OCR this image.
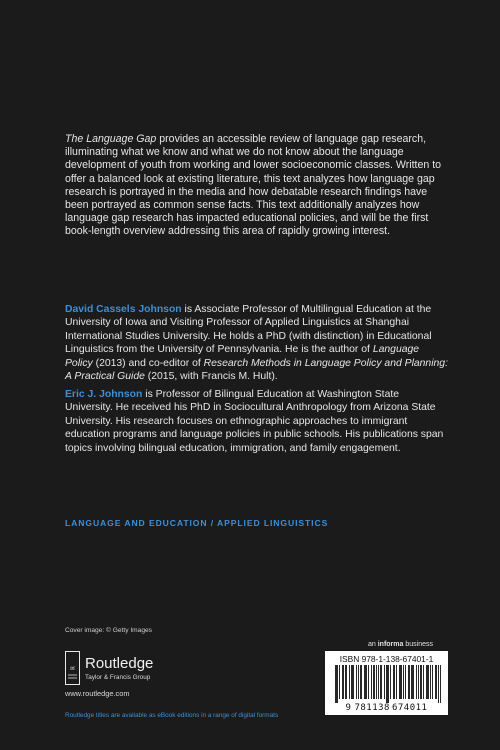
The Language Gap provides an accessible review of language gap research, illuminating what we know and what we do not know about the language development of youth from working and lower socioeconomic classes. Written to offer a balanced look at existing literature, this text analyzes how language gap research is portrayed in the media and how debatable research findings have been portrayed as common sense facts. This text additionally analyzes how language gap research has impacted educational policies, and will be the first book-length overview addressing this area of rapidly growing interest.

David Cassels Johnson is Associate Professor of Multilingual Education at the University of Iowa and Visiting Professor of Applied Linguistics at Shanghai International Studies University. He holds a PhD (with distinction) in Educational Linguistics from the University of Pennsylvania. He is the author of Language Policy (2013) and co-editor of Research Methods in Language Policy and Planning: A Practical Guide (2015, with Francis M. Hult).

Eric J. Johnson is Professor of Bilingual Education at Washington State University. He received his PhD in Sociocultural Anthropology from Arizona State University. His research focuses on ethnographic approaches to immigrant education programs and language policies in public schools. His publications span topics involving bilingual education, immigration, and family engagement.

LANGUAGE AND EDUCATION / APPLIED LINGUISTICS
Cover image: © Getty Images
R Routledge
Taylor & Francis Group
www.routledge.com
Routledge titles are available as eBook editions in a range of digital formats
an informa business
ISBN 978-1-138-67401-1
9 781138 674011
